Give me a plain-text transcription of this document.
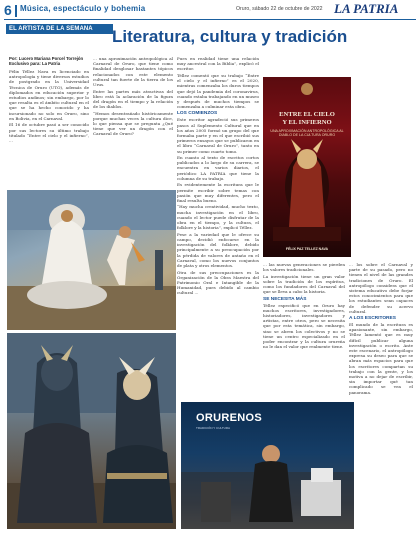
6 Música, espectáculo y bohemia	Oruro, sábado 22 de octubre de 2022 LA PATRIA
EL ARTISTA DE LA SEMANA	Literatura, cultura y tradición
Por: Lucero Mariana Porcel Torrejón
Exclusivo para: La Patria

Félix Téllez Nava es licenciado en antropología y tiene diversos estudios de postgrado en la Universidad Técnica de Oruro (UTO), además de diplomados en educación superior y estudios andinos; sin embargo, por lo que resalta es el ámbito cultural en el que se ha hecho conocido y ha incursionado no solo en Oruro, sino en Bolivia, en el Carnaval.

El 16 de octubre pasó a ser conocido por sus lectores su último trabajo titulado “Entre el cielo y el infierno”, ...

... una aproximación antropológica al Carnaval de Oruro, que tiene como finalidad desglosar bastantes tópicos relacionados con este elemento cultural tan fuerte de la tierra de los Urus.

Entre las partes más atractivas del libro está la aclaración de la figura del dragón en el tiempo y la relación de los diablos.

“Hemos desentrañado históricamente porque muchas veces la cultura dice, lo que piensa que se pregunta ¿Qué tiene que ver un dragón con el Carnaval de Oruro?

Pues en realidad tiene una relación muy ancestral con la Biblia”, explicó el escritor.

Téllez comentó que su trabajo “Entre el cielo y el infierno” es el 2020, mientras comenzaba los duros tiempos que dejó la pandemia del coronavirus, cuando estaba trabajando en un museo y después de muchos tiempos se comenzaba a culminar esta obra.

LOS COMIENZOS

Este escritor agradeció sus primeros pasos al Suplemento Cultural que en los años 2005 formó un grupo del que formaba parte y en el que escribió sus primeros ensayos que se publicaron en el libro “Carnaval de Oruro”, tanto en su primer como cuarto tomo.

En cuanto al texto de escritos cortos publicados a lo largo de su carrera, se encuentra en varios diarios, el periódico LA PATRIA que tiene la columna de su trabajo.

Es evidentemente la escritura que le permite escribir sobre temas con pasión que muy diferentes, pero el final resulta bueno.

“Hay mucha creatividad, mucho texto, mucha investigación en el libro, cuando el lector puede disfrutar de la obra en el tiempo, y la cultura, el folklore y la historia”, explicó Téllez.

Pese a la variedad que le ofrece su campo, decidió enfocarse en la investigación del folklore, debido principalmente a su preocupación por la pérdida de valores de antaño en el Carnaval, como los nuevos conjuntos de plata y otros elementos.

Otra de sus preocupaciones es la Organización de la Obra Maestra del Patrimonio Oral e Intangible de la Humanidad, pues debido al cambio cultural ...

ENTRE EL CIELO
Y EL INFIERNO
UNA APROXIMACIÓN ANTROPOLÓGICA AL DIABLO DE LA CULTURA ORURO
FÉLIX PAZ TELLEZ NAVA

... las nuevas generaciones se pierden los valores tradicionales.

La investigación tiene un gran valor sobre la tradición de los espíritus, como los fundadores del Carnaval del que se lleva a cabo la historia.

SE NECESITA MÁS

Téllez especificó que en Oruro hay muchos escritores, investigadores, historiadores, investigadores y artistas, entre otros, pero se necesita que por esta temática, sin embargo, sino se abren los colectivos y no se tiene un centro especializado en el poder encontrar y la cultura orureña no le dan el valor que realmente tiene.

... los sobre el Carnaval y parte de su pasado, pero no tienen el nivel de las grandes tradiciones de Oruro. El antropólogo considera que el sistema educativo debe forjar estos conocimientos para que los estudiantes sean capaces de defender su acervo cultural.

A LOS ESCRITORES

El mundo de la escritura es apasionante, sin embargo, Téllez lamentó que es muy difícil publicar alguna investigación o escrito. Ante este escenario, el antropólogo expresa su deseo para que se abran más espacios para que los escritores compartan su trabajo con la gente, y los motiva a no dejar de escribir, sin importar qué tan complicado se vea el panorama.

ORURENOS
TRADICIÓN Y CULTURA
